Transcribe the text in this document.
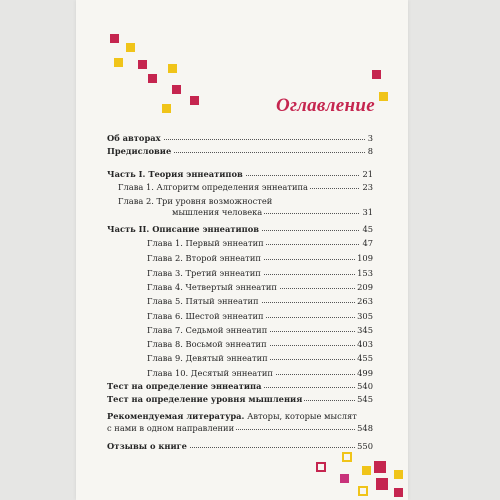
Оглавление
Об авторах	3
Предисловие	8
Часть I. Теория эннеатипов	21
Глава 1. Алгоритм определения эннеатипа	23
Глава 2. Три уровня возможностей
мышления человека	31
Часть II. Описание эннеатипов	45
Глава 1. Первый эннеатип	47
Глава 2. Второй эннеатип	109
Глава 3. Третий эннеатип	153
Глава 4. Четвертый эннеатип	209
Глава 5. Пятый эннеатип	263
Глава 6. Шестой эннеатип	305
Глава 7. Седьмой эннеатип	345
Глава 8. Восьмой эннеатип	403
Глава 9. Девятый эннеатип	455
Глава 10. Десятый эннеатип	499
Тест на определение эннеатипа	540
Тест на определение уровня мышления	545
Рекомендуемая литература. Авторы, которые мыслят
с нами в одном направлении	548
Отзывы о книге	550
